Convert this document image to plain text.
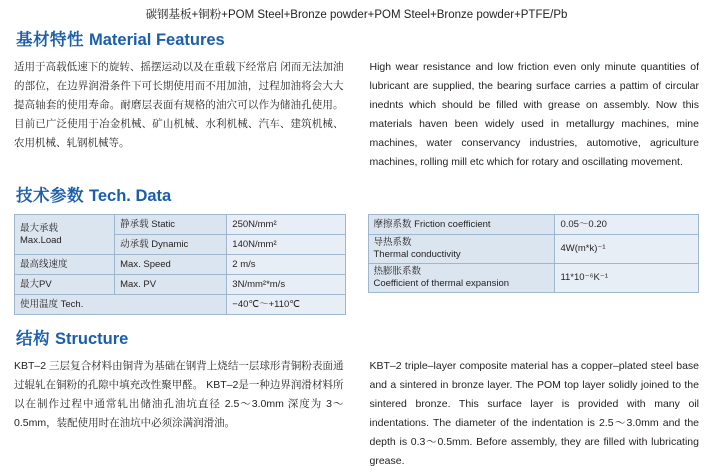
碳钢基板+铜粉+POM Steel+Bronze powder+POM Steel+Bronze powder+PTFE/Pb
基材特性 Material Features
适用于高载低速下的旋转、摇摆运动以及在重载下经常启 闭而无法加油的部位，在边界润滑条件下可长期使用而不用加油，过程加油将会大大提高轴套的使用寿命。耐磨层表面有规格的油穴可以作为储油孔使用。目前已广泛使用于冶金机械、矿山机械、水利机械、汽车、建筑机械、农用机械、轧钢机械等。
High wear resistance and low friction even only minute quantities of lubricant are supplied, the bearing surface carries a pattim of circular inednts which should be filled with grease on assembly. Now this materials haven been widely used in metallurgy machines, mine machines, water conservancy industries, automotive, agriculture machines, rolling mill etc which for rotary and oscillating movement.
技术参数 Tech. Data
最大承载
Max.Load	静承载 Static	250N/mm²
	动承载 Dynamic	140N/mm²
最高线速度	Max. Speed	2 m/s
最大PV	Max. PV	3N/mm²*m/s
使用温度 Tech.		−40℃～+110℃
摩擦系数 Friction coefficient	0.05～0.20

导热系数
Thermal conductivity	4W(m*k)⁻¹

热膨胀系数
Coefficient of thermal expansion	11*10⁻⁶K⁻¹
结构 Structure
KBT–2 三层复合材料由铜背为基础在钢背上烧结一层球形青铜粉表面通过辊轧在铜粉的孔隙中填充改性聚甲醛。 KBT–2是一种边界润滑材料所以在制作过程中通常轧出储油孔油坑直径 2.5～3.0mm 深度为 3～0.5mm，装配使用时在油坑中必须涂满润滑油。
KBT–2 triple–layer composite material has a copper–plated steel base and a sintered in bronze layer. The POM top layer solidly joined to the sintered bronze. This surface layer is provided with many oil indentations. The diameter of the indentation is 2.5～3.0mm and the depth is 0.3～0.5mm. Before assembly, they are filled with lubricating grease.
